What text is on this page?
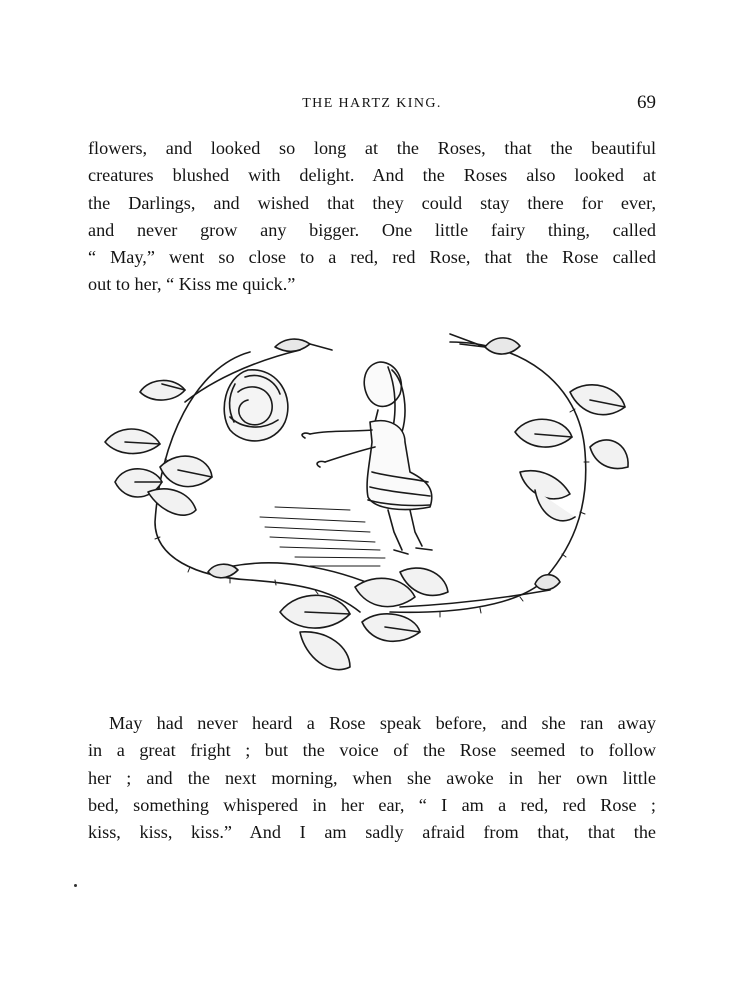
THE HARTZ KING.	69

flowers, and looked so long at the Roses, that the beautiful
creatures blushed with delight. And the Roses also looked at
the Darlings, and wished that they could stay there for ever,
and never grow any bigger. One little fairy thing, called
“ May,” went so close to a red, red Rose, that the Rose called
out to her, “ Kiss me quick.”

May had never heard a Rose speak before, and she ran away
in a great fright ; but the voice of the Rose seemed to follow
her ; and the next morning, when she awoke in her own little
bed, something whispered in her ear, “ I am a red, red Rose ;
kiss, kiss, kiss.” And I am sadly afraid from that, that the
